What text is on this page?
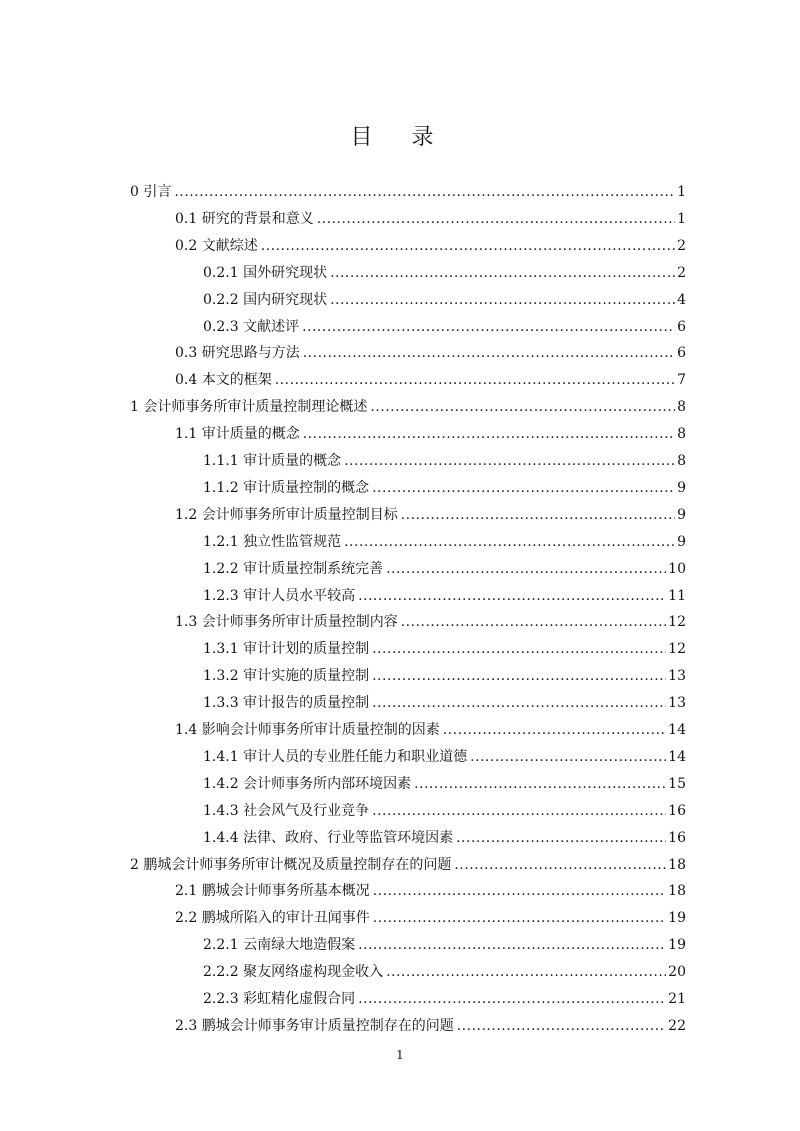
目 录
0 引言 .....	1
0.1 研究的背景和意义 .....	1
0.2 文献综述 .....	2
0.2.1 国外研究现状 .....	2
0.2.2 国内研究现状 .....	4
0.2.3 文献述评 .....	6
0.3 研究思路与方法 .....	6
0.4 本文的框架 .....	7
1 会计师事务所审计质量控制理论概述 .....	8
1.1 审计质量的概念 .....	8
1.1.1 审计质量的概念 .....	8
1.1.2 审计质量控制的概念 .....	9
1.2 会计师事务所审计质量控制目标 .....	9
1.2.1 独立性监管规范 .....	9
1.2.2 审计质量控制系统完善 .....	10
1.2.3 审计人员水平较高 .....	11
1.3 会计师事务所审计质量控制内容 .....	12
1.3.1 审计计划的质量控制 .....	12
1.3.2 审计实施的质量控制 .....	13
1.3.3 审计报告的质量控制 .....	13
1.4 影响会计师事务所审计质量控制的因素 .....	14
1.4.1 审计人员的专业胜任能力和职业道德 .....	14
1.4.2 会计师事务所内部环境因素 .....	15
1.4.3 社会风气及行业竞争 .....	16
1.4.4 法律、政府、行业等监管环境因素 .....	16
2 鹏城会计师事务所审计概况及质量控制存在的问题 .....	18
2.1 鹏城会计师事务所基本概况 .....	18
2.2 鹏城所陷入的审计丑闻事件 .....	19
2.2.1 云南绿大地造假案 .....	19
2.2.2 聚友网络虚构现金收入 .....	20
2.2.3 彩虹精化虚假合同 .....	21
2.3 鹏城会计师事务审计质量控制存在的问题 .....	22
1
